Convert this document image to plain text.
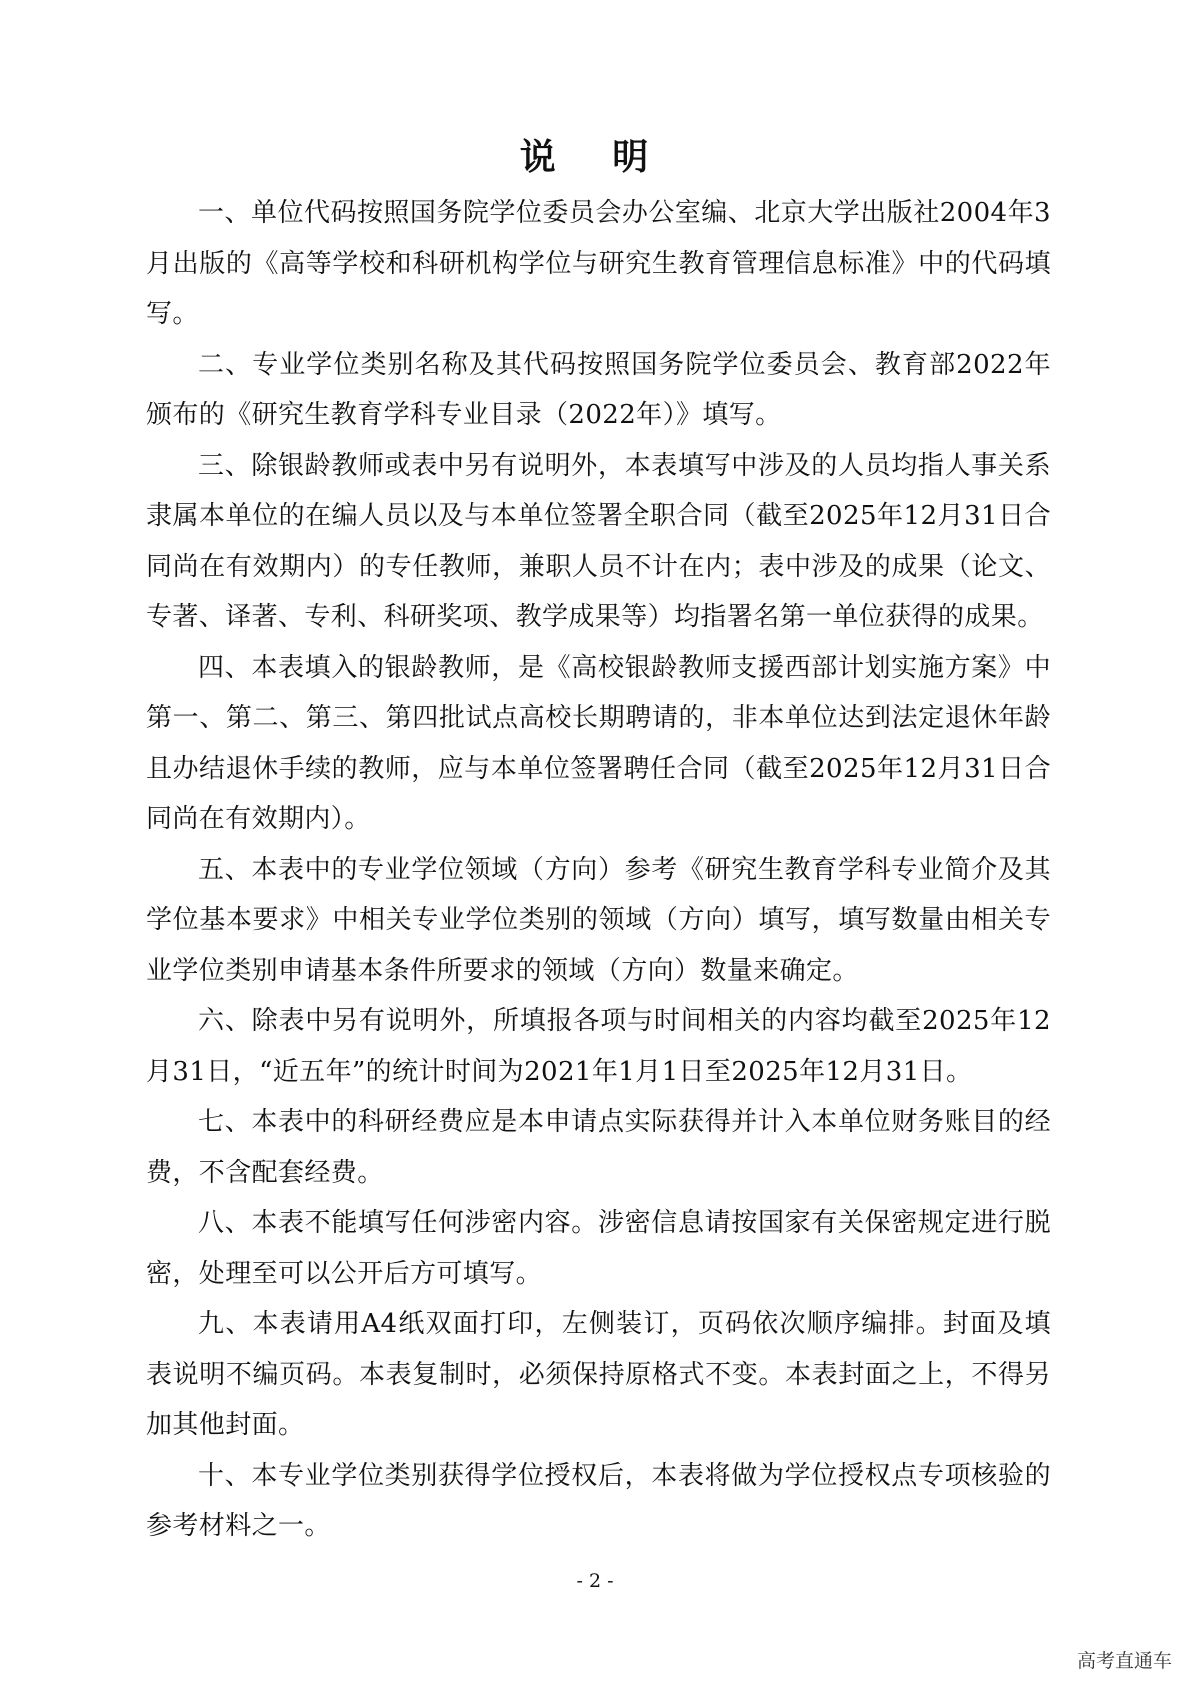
说 明

一、单位代码按照国务院学位委员会办公室编、北京大学出版社2004年3月出版的《高等学校和科研机构学位与研究生教育管理信息标准》中的代码填写。

二、专业学位类别名称及其代码按照国务院学位委员会、教育部2022年颁布的《研究生教育学科专业目录（2022年）》填写。

三、除银龄教师或表中另有说明外，本表填写中涉及的人员均指人事关系隶属本单位的在编人员以及与本单位签署全职合同（截至2025年12月31日合同尚在有效期内）的专任教师，兼职人员不计在内；表中涉及的成果（论文、专著、译著、专利、科研奖项、教学成果等）均指署名第一单位获得的成果。

四、本表填入的银龄教师，是《高校银龄教师支援西部计划实施方案》中第一、第二、第三、第四批试点高校长期聘请的，非本单位达到法定退休年龄且办结退休手续的教师，应与本单位签署聘任合同（截至2025年12月31日合同尚在有效期内）。

五、本表中的专业学位领域（方向）参考《研究生教育学科专业简介及其学位基本要求》中相关专业学位类别的领域（方向）填写，填写数量由相关专业学位类别申请基本条件所要求的领域（方向）数量来确定。

六、除表中另有说明外，所填报各项与时间相关的内容均截至2025年12月31日，“近五年”的统计时间为2021年1月1日至2025年12月31日。

七、本表中的科研经费应是本申请点实际获得并计入本单位财务账目的经费，不含配套经费。

八、本表不能填写任何涉密内容。涉密信息请按国家有关保密规定进行脱密，处理至可以公开后方可填写。

九、本表请用A4纸双面打印，左侧装订，页码依次顺序编排。封面及填表说明不编页码。本表复制时，必须保持原格式不变。本表封面之上，不得另加其他封面。

十、本专业学位类别获得学位授权后，本表将做为学位授权点专项核验的参考材料之一。

- 2 -
高考直通车
